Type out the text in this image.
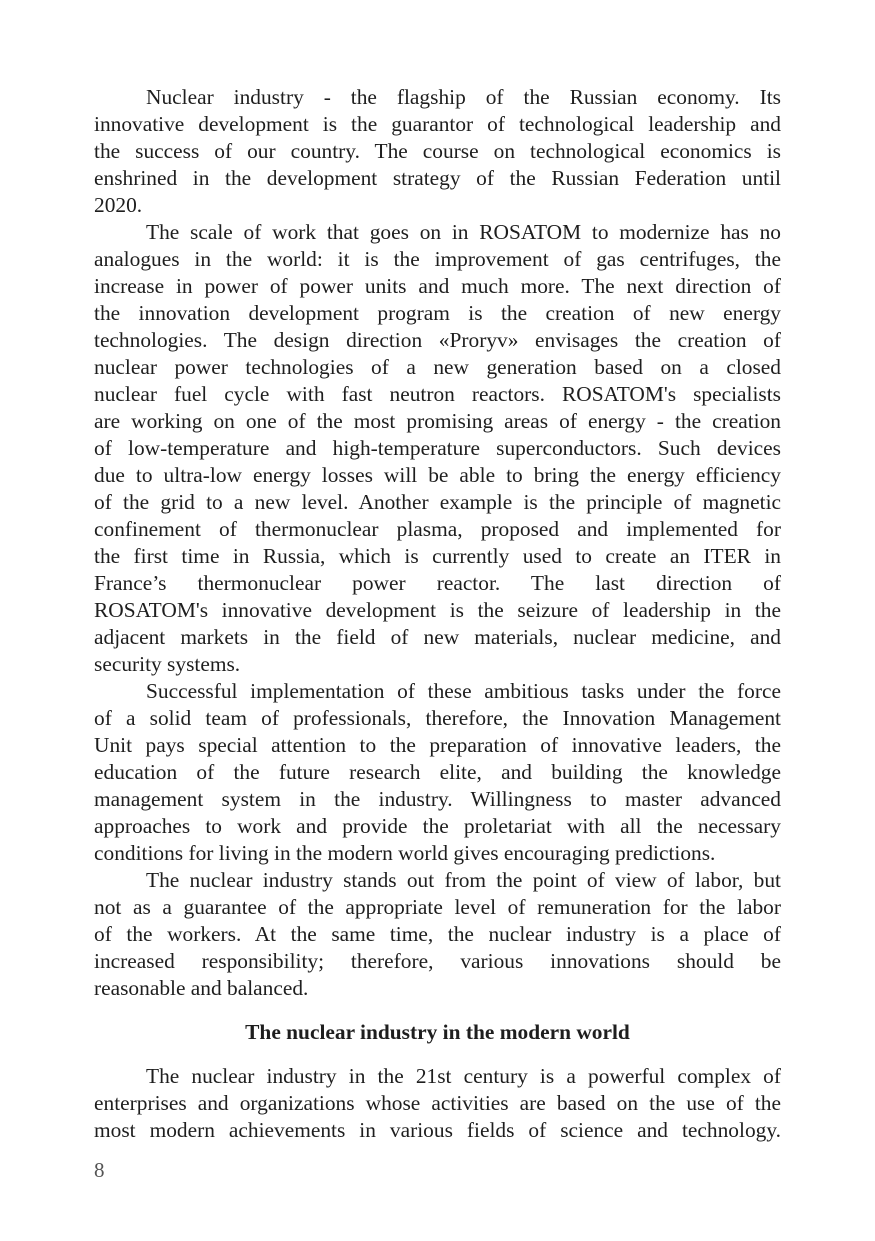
Nuclear industry - the flagship of the Russian economy. Its
innovative development is the guarantor of technological leadership and
the success of our country. The course on technological economics is
enshrined in the development strategy of the Russian Federation until
2020.
The scale of work that goes on in ROSATOM to modernize has no
analogues in the world: it is the improvement of gas centrifuges, the
increase in power of power units and much more. The next direction of
the innovation development program is the creation of new energy
technologies. The design direction «Proryv» envisages the creation of
nuclear power technologies of a new generation based on a closed
nuclear fuel cycle with fast neutron reactors. ROSATOM's specialists
are working on one of the most promising areas of energy - the creation
of low-temperature and high-temperature superconductors. Such devices
due to ultra-low energy losses will be able to bring the energy efficiency
of the grid to a new level. Another example is the principle of magnetic
confinement of thermonuclear plasma, proposed and implemented for
the first time in Russia, which is currently used to create an ITER in
France’s thermonuclear power reactor. The last direction of
ROSATOM's innovative development is the seizure of leadership in the
adjacent markets in the field of new materials, nuclear medicine, and
security systems.
Successful implementation of these ambitious tasks under the force
of a solid team of professionals, therefore, the Innovation Management
Unit pays special attention to the preparation of innovative leaders, the
education of the future research elite, and building the knowledge
management system in the industry. Willingness to master advanced
approaches to work and provide the proletariat with all the necessary
conditions for living in the modern world gives encouraging predictions.
The nuclear industry stands out from the point of view of labor, but
not as a guarantee of the appropriate level of remuneration for the labor
of the workers. At the same time, the nuclear industry is a place of
increased responsibility; therefore, various innovations should be
reasonable and balanced.
The nuclear industry in the modern world
The nuclear industry in the 21st century is a powerful complex of
enterprises and organizations whose activities are based on the use of the
most modern achievements in various fields of science and technology.
8
